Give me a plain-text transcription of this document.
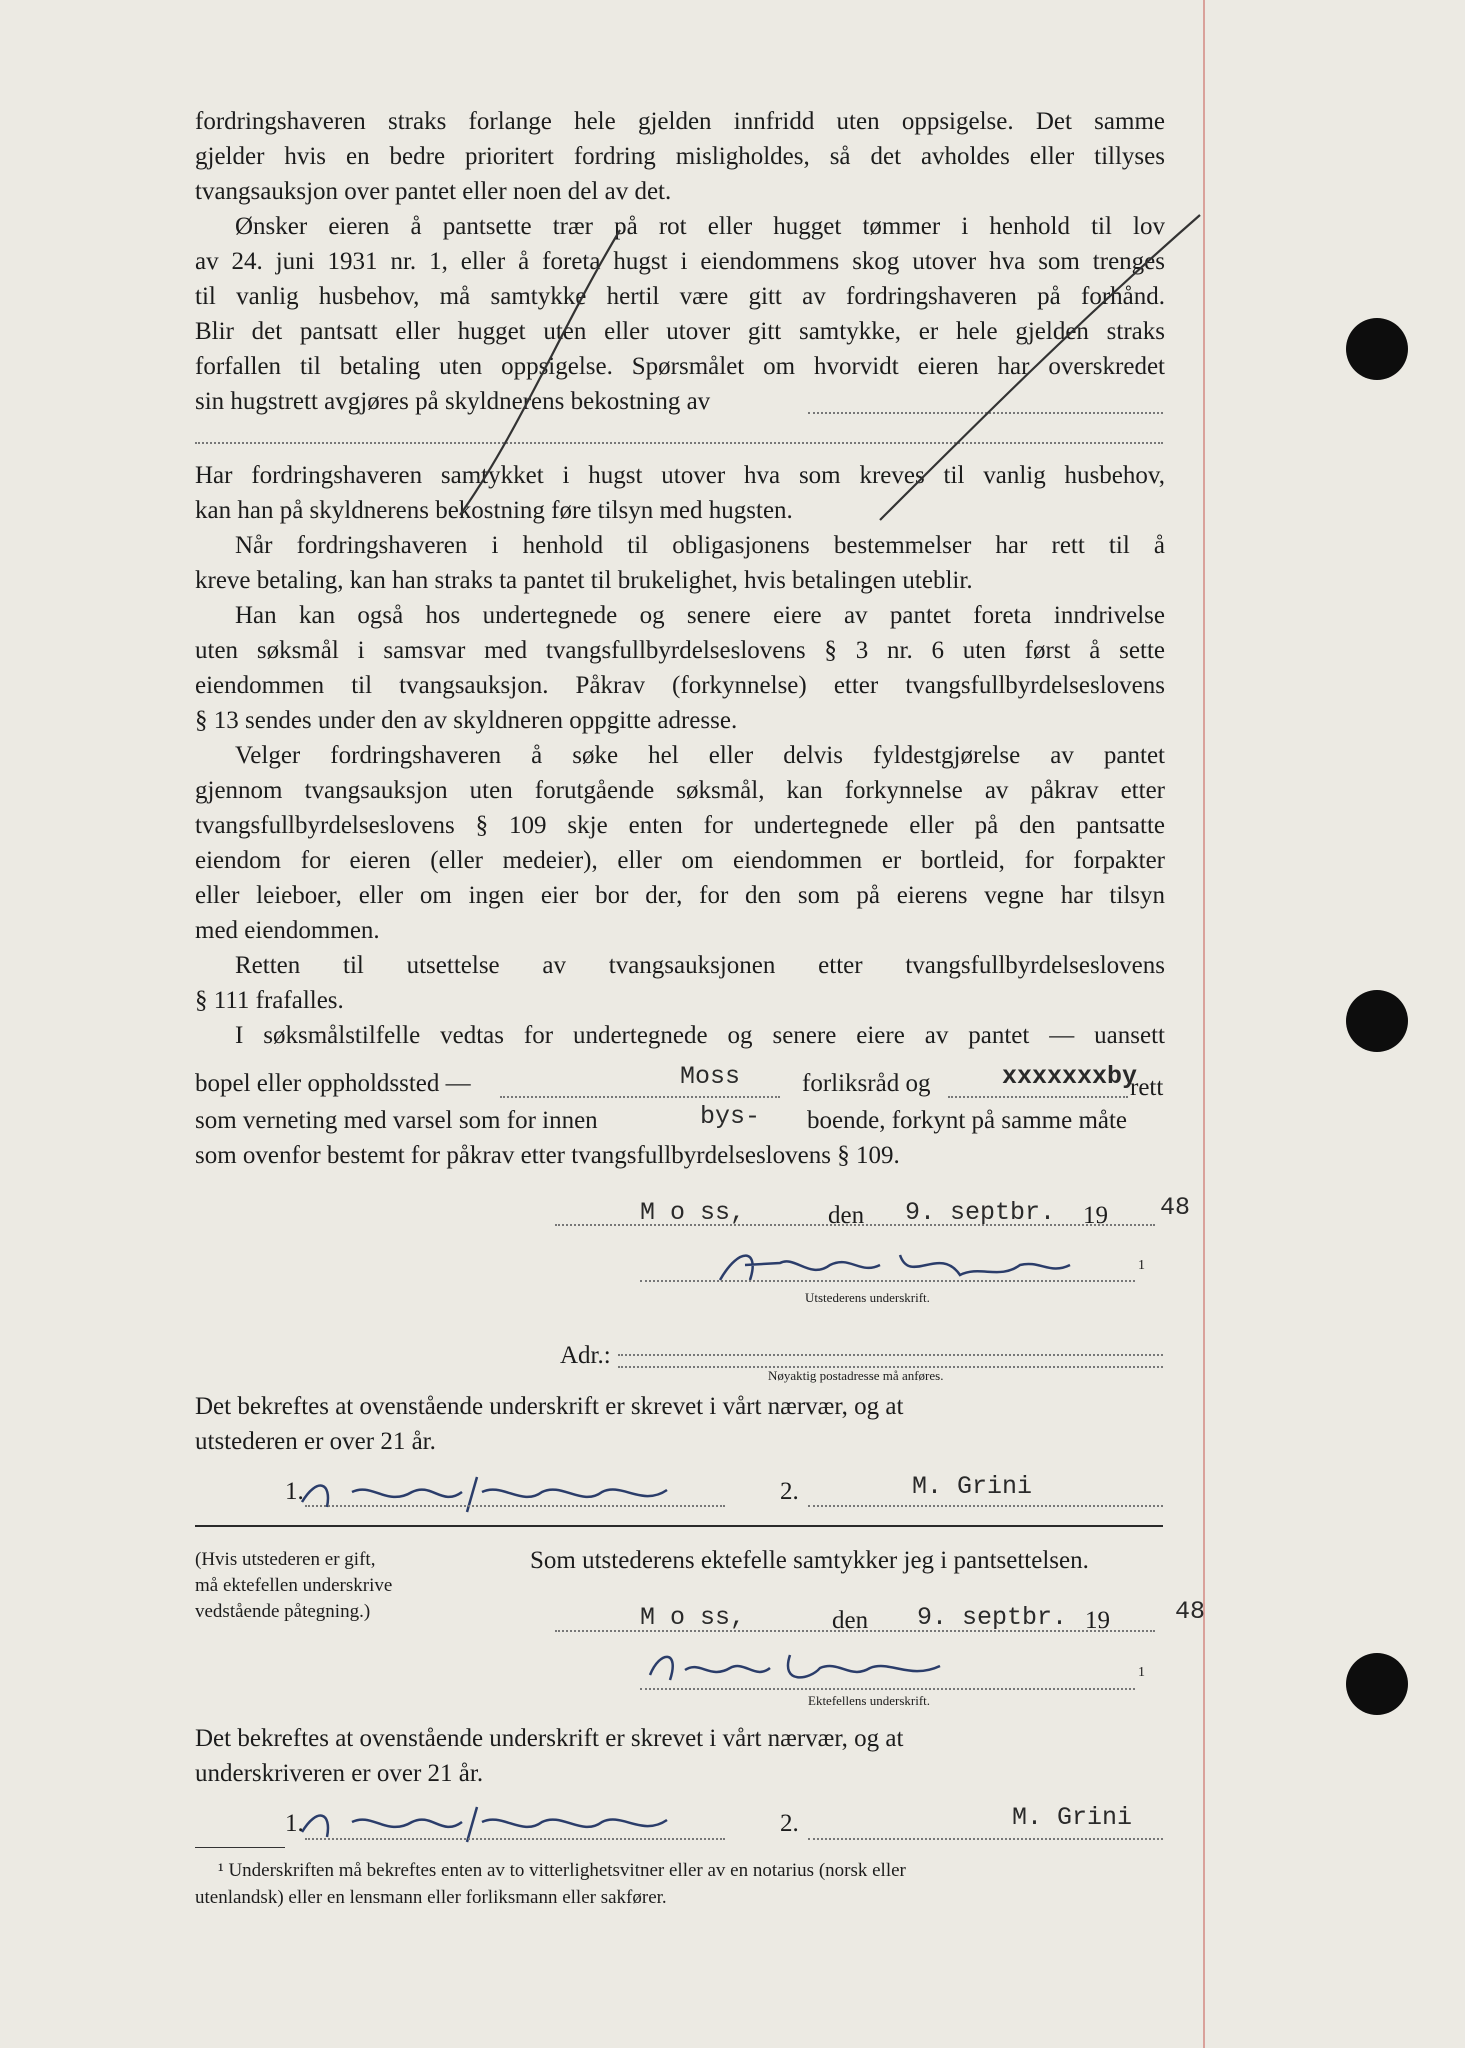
fordringshaveren straks forlange hele gjelden innfridd uten oppsigelse. Det samme
gjelder hvis en bedre prioritert fordring misligholdes, så det avholdes eller tillyses
tvangsauksjon over pantet eller noen del av det.
Ønsker eieren å pantsette trær på rot eller hugget tømmer i henhold til lov
av 24. juni 1931 nr. 1, eller å foreta hugst i eiendommens skog utover hva som trenges
til vanlig husbehov, må samtykke hertil være gitt av fordringshaveren på forhånd.
Blir det pantsatt eller hugget uten eller utover gitt samtykke, er hele gjelden straks
forfallen til betaling uten oppsigelse. Spørsmålet om hvorvidt eieren har overskredet
sin hugstrett avgjøres på skyldnerens bekostning av
Har fordringshaveren samtykket i hugst utover hva som kreves til vanlig husbehov,
kan han på skyldnerens bekostning føre tilsyn med hugsten.
Når fordringshaveren i henhold til obligasjonens bestemmelser har rett til å
kreve betaling, kan han straks ta pantet til brukelighet, hvis betalingen uteblir.
Han kan også hos undertegnede og senere eiere av pantet foreta inndrivelse
uten søksmål i samsvar med tvangsfullbyrdelseslovens § 3 nr. 6 uten først å sette
eiendommen til tvangsauksjon. Påkrav (forkynnelse) etter tvangsfullbyrdelseslovens
§ 13 sendes under den av skyldneren oppgitte adresse.
Velger fordringshaveren å søke hel eller delvis fyldestgjørelse av pantet
gjennom tvangsauksjon uten forutgående søksmål, kan forkynnelse av påkrav etter
tvangsfullbyrdelseslovens § 109 skje enten for undertegnede eller på den pantsatte
eiendom for eieren (eller medeier), eller om eiendommen er bortleid, for forpakter
eller leieboer, eller om ingen eier bor der, for den som på eierens vegne har tilsyn
med eiendommen.
Retten til utsettelse av tvangsauksjonen etter tvangsfullbyrdelseslovens
§ 111 frafalles.
I søksmålstilfelle vedtas for undertegnede og senere eiere av pantet — uansett
bopel eller oppholdssted —	Moss forliksråd og	xxxxxxxby
rett
som verneting med varsel som for innen	bys- boende, forkynt på samme måte
som ovenfor bestemt for påkrav etter tvangsfullbyrdelseslovens § 109.
M o ss,	den 9. septbr. 19 48
1
Utstederens underskrift.
Adr.:
Nøyaktig postadresse må anføres.
Det bekreftes at ovenstående underskrift er skrevet i vårt nærvær, og at
utstederen er over 21 år.
1.	2.	M. Grini
(Hvis utstederen er gift,
må ektefellen underskrive
vedstående påtegning.)
Som utstederens ektefelle samtykker jeg i pantsettelsen.
M o ss,	den 9. septbr. 19	48
1
Ektefellens underskrift.
Det bekreftes at ovenstående underskrift er skrevet i vårt nærvær, og at
underskriveren er over 21 år.
1.	2.	M. Grini
¹ Underskriften må bekreftes enten av to vitterlighetsvitner eller av en notarius (norsk eller
utenlandsk) eller en lensmann eller forliksmann eller sakfører.
